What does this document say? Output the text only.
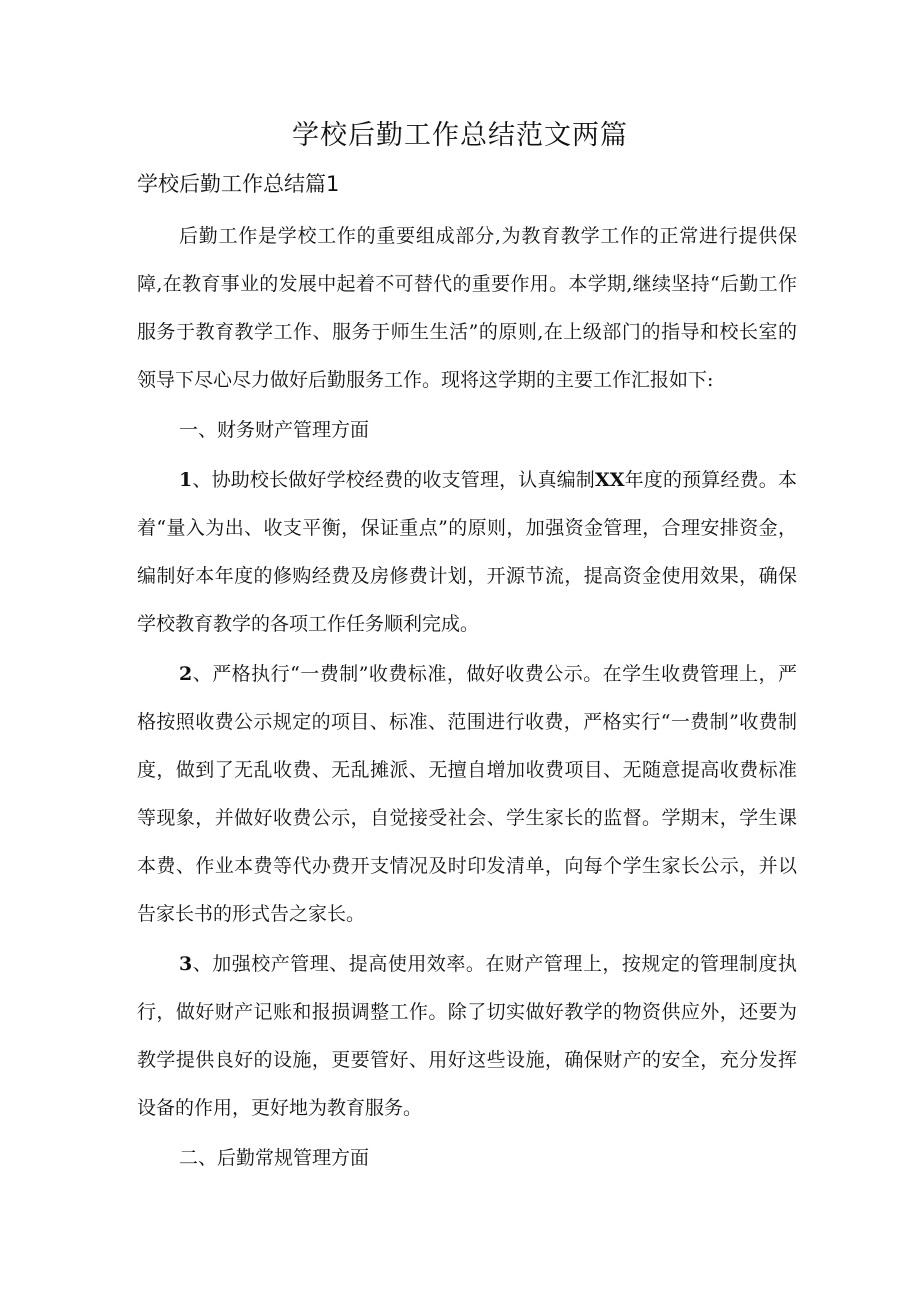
学校后勤工作总结范文两篇
学校后勤工作总结篇1

后勤工作是学校工作的重要组成部分,为教育教学工作的正常进行提供保障,在教育事业的发展中起着不可替代的重要作用。本学期,继续坚持“后勤工作服务于教育教学工作、服务于师生生活”的原则,在上级部门的指导和校长室的领导下尽心尽力做好后勤服务工作。现将这学期的主要工作汇报如下:

一、财务财产管理方面

1、协助校长做好学校经费的收支管理，认真编制XX年度的预算经费。本着“量入为出、收支平衡，保证重点”的原则，加强资金管理，合理安排资金，编制好本年度的修购经费及房修费计划，开源节流，提高资金使用效果，确保学校教育教学的各项工作任务顺利完成。

2、严格执行“一费制”收费标准，做好收费公示。在学生收费管理上，严格按照收费公示规定的项目、标准、范围进行收费，严格实行“一费制”收费制度，做到了无乱收费、无乱摊派、无擅自增加收费项目、无随意提高收费标准等现象，并做好收费公示，自觉接受社会、学生家长的监督。学期末，学生课本费、作业本费等代办费开支情况及时印发清单，向每个学生家长公示，并以告家长书的形式告之家长。

3、加强校产管理、提高使用效率。在财产管理上，按规定的管理制度执行，做好财产记账和报损调整工作。除了切实做好教学的物资供应外，还要为教学提供良好的设施，更要管好、用好这些设施，确保财产的安全，充分发挥设备的作用，更好地为教育服务。

二、后勤常规管理方面
